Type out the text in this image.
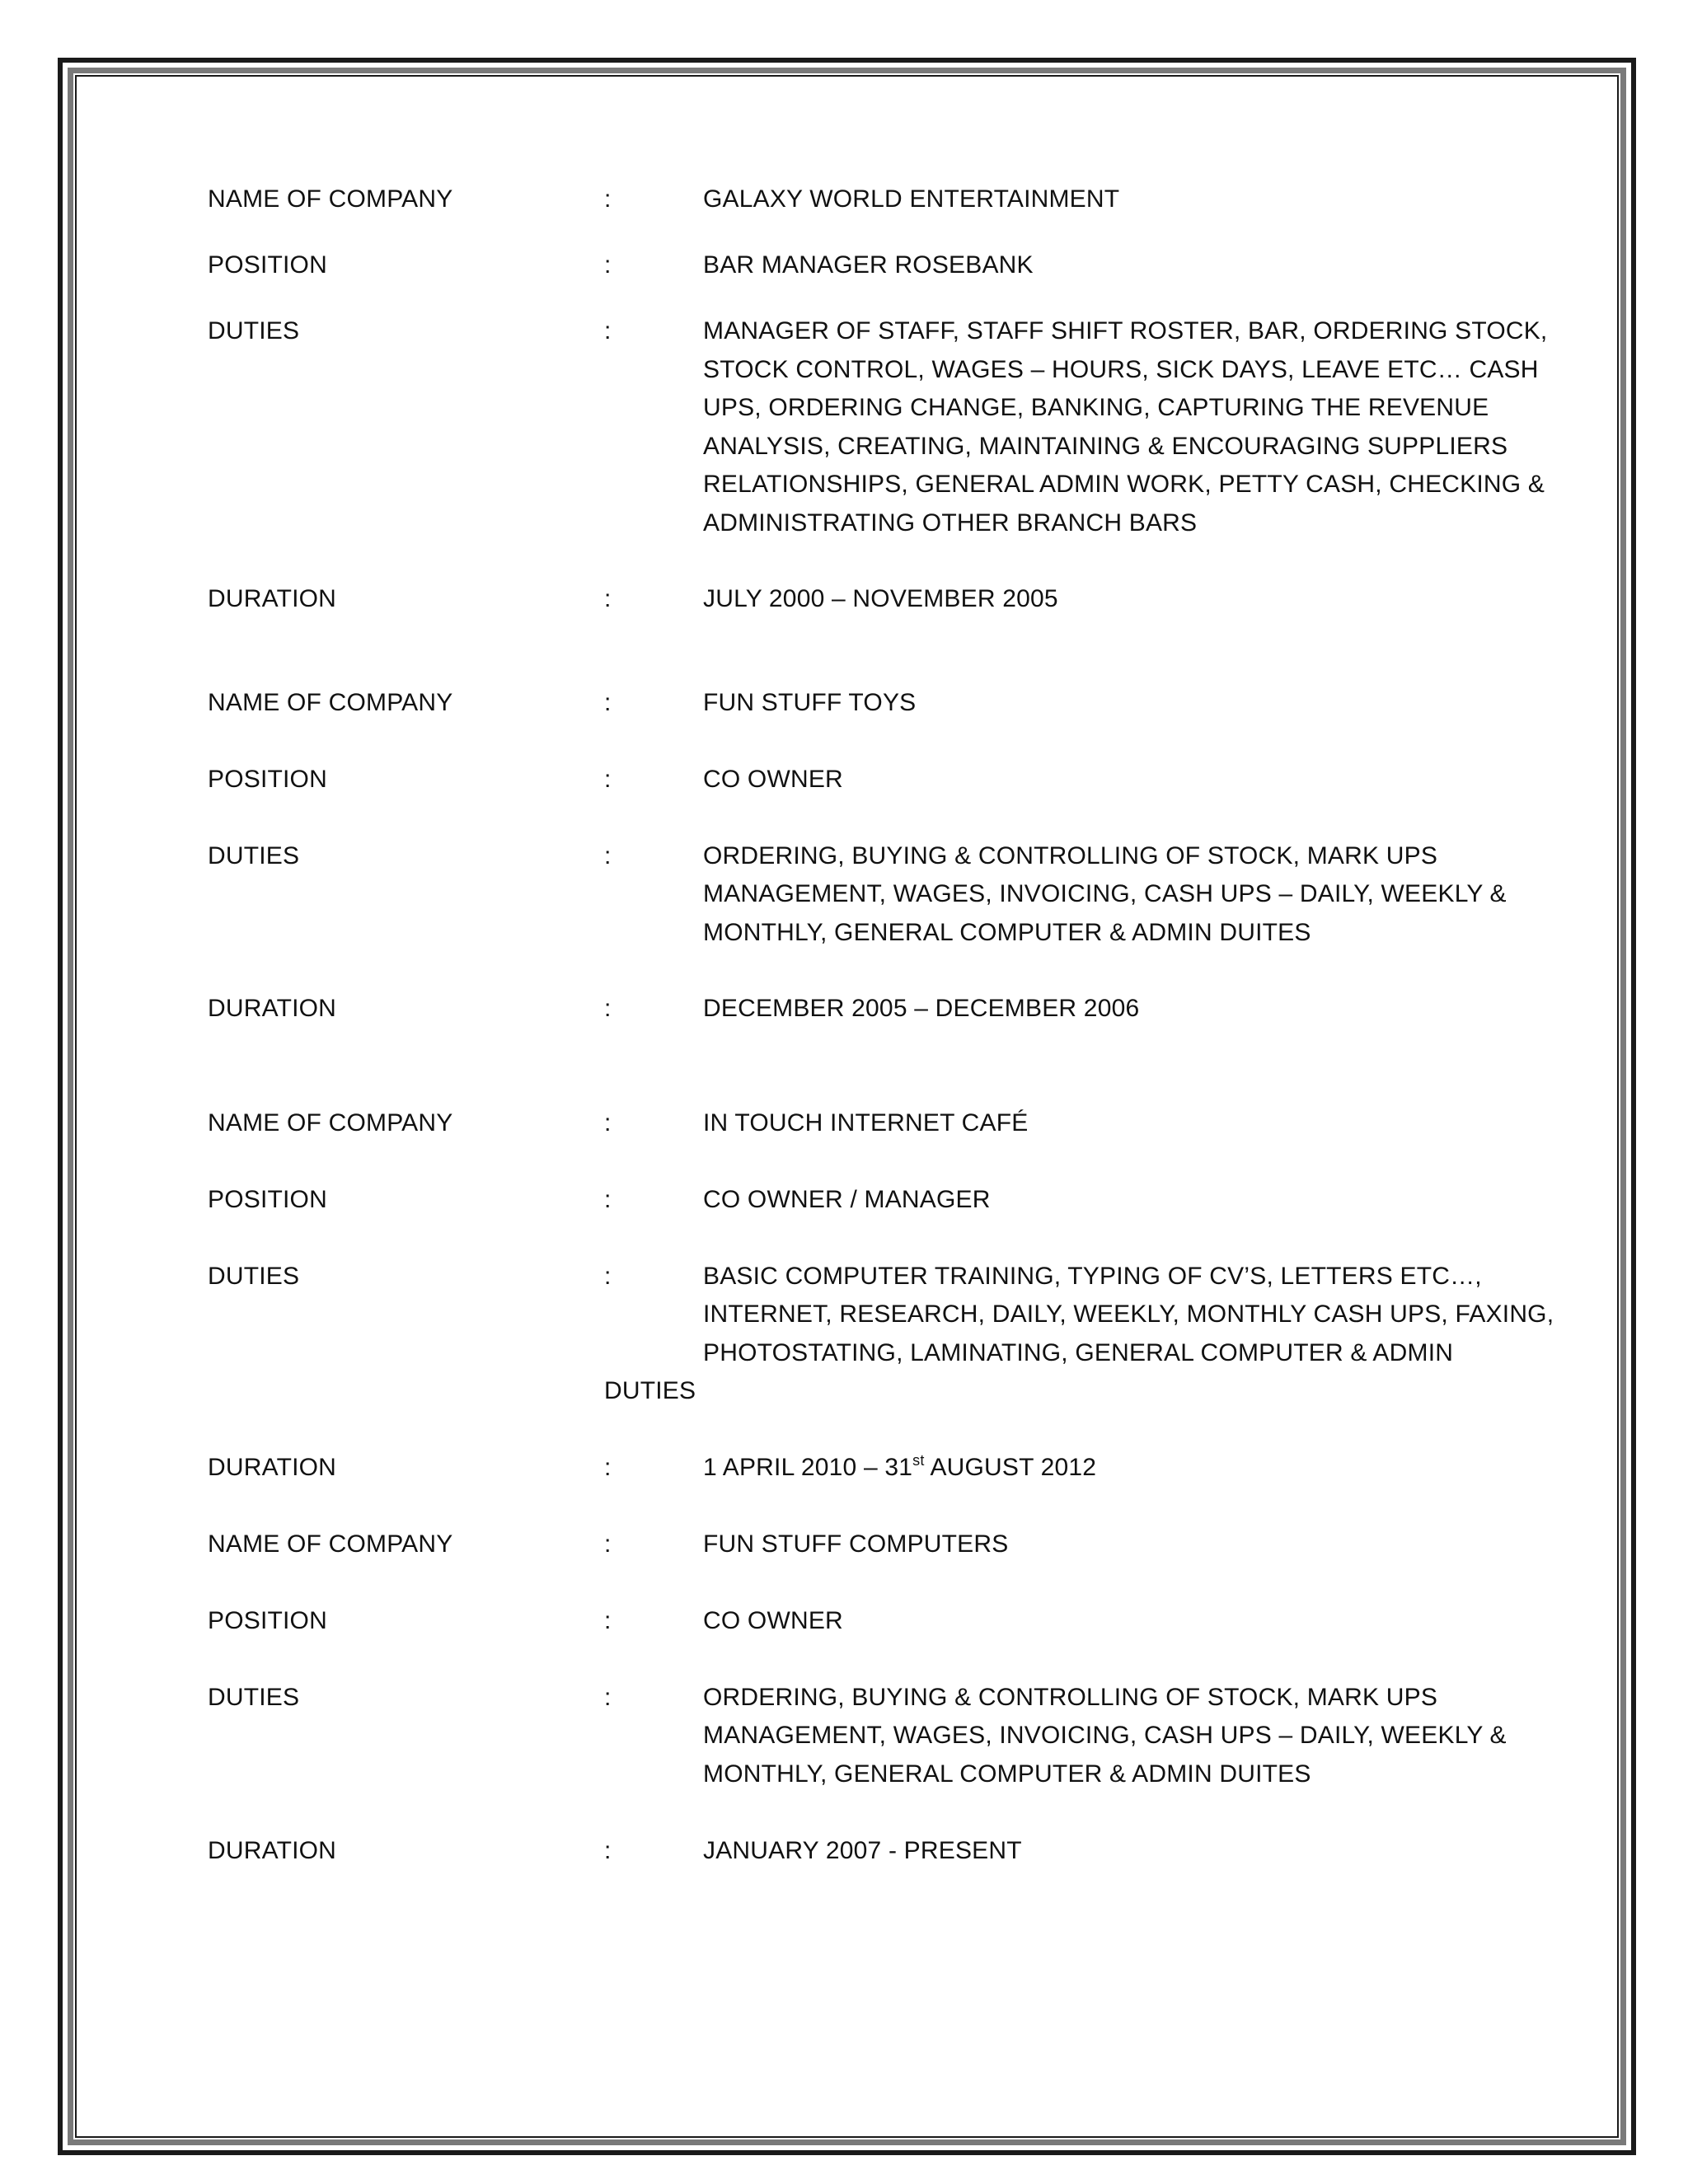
NAME OF COMPANY	:	GALAXY WORLD ENTERTAINMENT
POSITION	:	BAR MANAGER ROSEBANK
DUTIES	:	MANAGER OF STAFF, STAFF SHIFT ROSTER, BAR, ORDERING STOCK,
STOCK CONTROL, WAGES – HOURS, SICK DAYS, LEAVE ETC… CASH
UPS, ORDERING CHANGE, BANKING, CAPTURING THE REVENUE
ANALYSIS, CREATING, MAINTAINING & ENCOURAGING SUPPLIERS
RELATIONSHIPS, GENERAL ADMIN WORK, PETTY CASH, CHECKING &
ADMINISTRATING OTHER BRANCH BARS
DURATION	:	JULY 2000 – NOVEMBER 2005
NAME OF COMPANY	:	FUN STUFF TOYS
POSITION	:	CO OWNER
DUTIES	:	ORDERING, BUYING & CONTROLLING OF STOCK, MARK UPS
MANAGEMENT, WAGES, INVOICING, CASH UPS – DAILY, WEEKLY &
MONTHLY, GENERAL COMPUTER & ADMIN DUITES
DURATION	:	DECEMBER 2005 – DECEMBER 2006
NAME OF COMPANY	:	IN TOUCH INTERNET CAFÉ
POSITION	:	CO OWNER / MANAGER
DUTIES	:	BASIC COMPUTER TRAINING, TYPING OF CV’S, LETTERS ETC…,
INTERNET, RESEARCH, DAILY, WEEKLY, MONTHLY CASH UPS, FAXING,
PHOTOSTATING, LAMINATING, GENERAL COMPUTER & ADMIN
DUTIES
DURATION	:	1 APRIL 2010 – 31st AUGUST 2012
NAME OF COMPANY	:	FUN STUFF COMPUTERS
POSITION	:	CO OWNER
DUTIES	:	ORDERING, BUYING & CONTROLLING OF STOCK, MARK UPS
MANAGEMENT, WAGES, INVOICING, CASH UPS – DAILY, WEEKLY &
MONTHLY, GENERAL COMPUTER & ADMIN DUITES
DURATION	:	JANUARY 2007 - PRESENT
